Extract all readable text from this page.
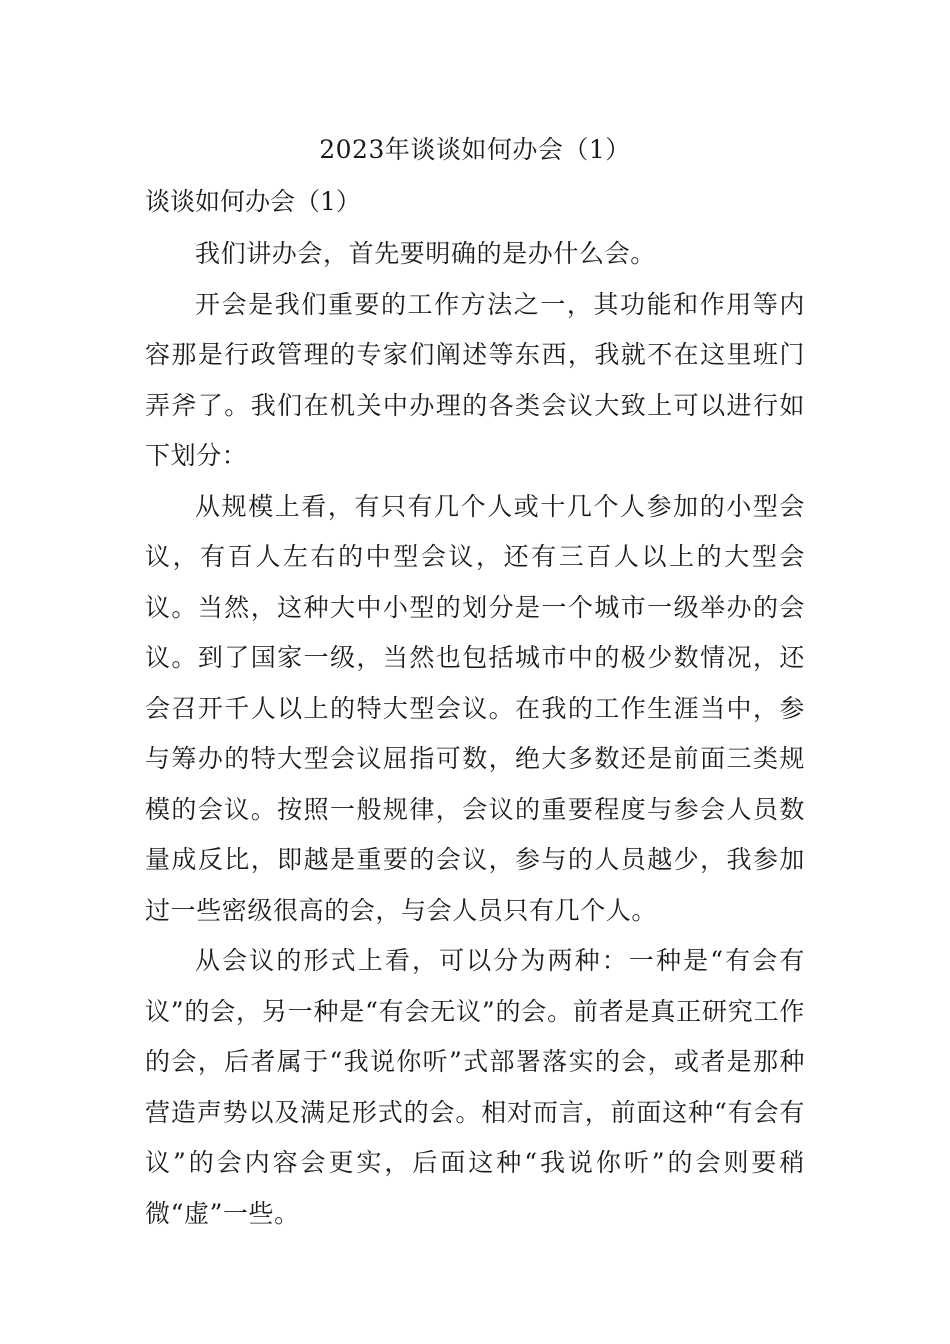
2023年谈谈如何办会（1）
谈谈如何办会（1）

我们讲办会，首先要明确的是办什么会。

开会是我们重要的工作方法之一，其功能和作用等内容那是行政管理的专家们阐述等东西，我就不在这里班门弄斧了。我们在机关中办理的各类会议大致上可以进行如下划分：

从规模上看，有只有几个人或十几个人参加的小型会议，有百人左右的中型会议，还有三百人以上的大型会议。当然，这种大中小型的划分是一个城市一级举办的会议。到了国家一级，当然也包括城市中的极少数情况，还会召开千人以上的特大型会议。在我的工作生涯当中，参与筹办的特大型会议屈指可数，绝大多数还是前面三类规模的会议。按照一般规律，会议的重要程度与参会人员数量成反比，即越是重要的会议，参与的人员越少，我参加过一些密级很高的会，与会人员只有几个人。

从会议的形式上看，可以分为两种：一种是“有会有议”的会，另一种是“有会无议”的会。前者是真正研究工作的会，后者属于“我说你听”式部署落实的会，或者是那种营造声势以及满足形式的会。相对而言，前面这种“有会有议”的会内容会更实，后面这种“我说你听”的会则要稍微“虚”一些。
